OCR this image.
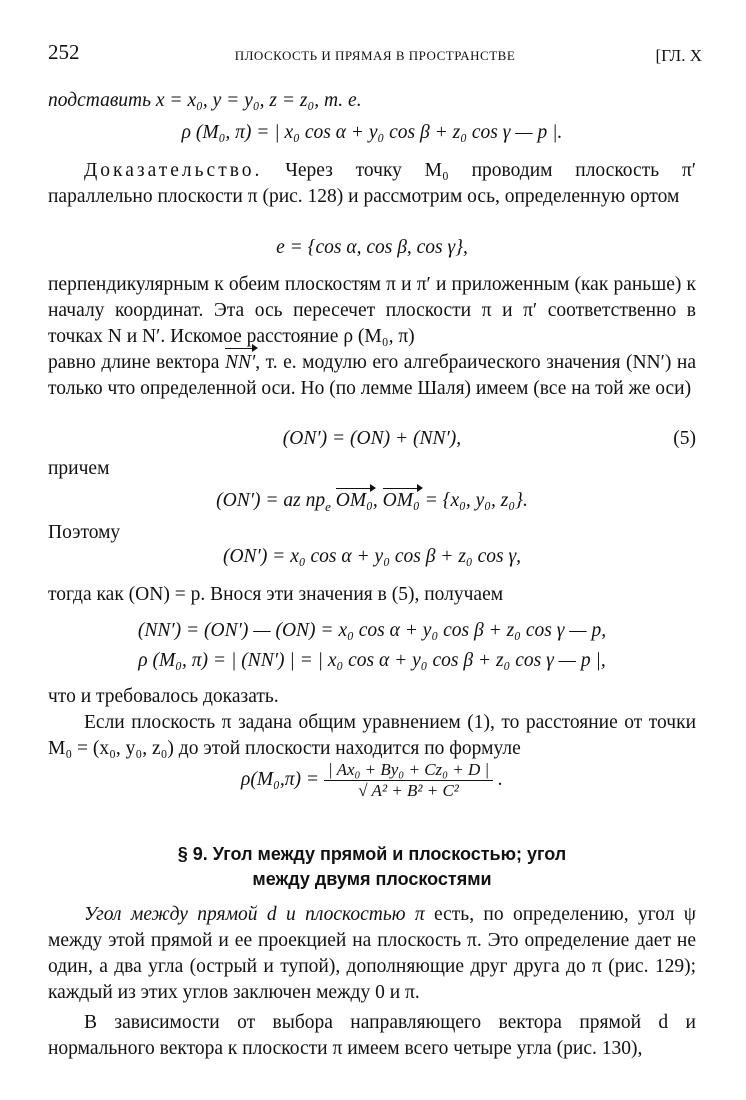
252	ПЛОСКОСТЬ И ПРЯМАЯ В ПРОСТРАНСТВЕ	[ГЛ. X
подставить x = x₀, y = y₀, z = z₀, т. е.
ρ (M₀, π) = | x₀ cos α + y₀ cos β + z₀ cos γ — p |.
Доказательство. Через точку M₀ проводим плоскость π′ параллельно плоскости π (рис. 128) и рассмотрим ось, определенную ортом
e = {cos α, cos β, cos γ},
перпендикулярным к обеим плоскостям π и π′ и приложенным (как раньше) к началу координат. Эта ось пересечет плоскости π и π′ соответственно в точках N и N′. Искомое расстояние ρ (M₀, π)
равно длине вектора NN′, т. е. модулю его алгебраического значения (NN′) на только что определенной оси. Но (по лемме Шаля) имеем (все на той же оси)
(ON′) = (ON) + (NN′),	(5)
причем
(ON′) = az $пр_e$ OM₀, OM₀ = {x₀, y₀, z₀}.
Поэтому
(ON′) = x₀ cos α + y₀ cos β + z₀ cos γ,
тогда как (ON) = p. Внося эти значения в (5), получаем
(NN′) = (ON′) — (ON) = x₀ cos α + y₀ cos β + z₀ cos γ — p,
ρ (M₀, π) = | (NN′) | = | x₀ cos α + y₀ cos β + z₀ cos γ — p |,
что и требовалось доказать.
Если плоскость π задана общим уравнением (1), то расстояние от точки M₀ = (x₀, y₀, z₀) до этой плоскости находится по формуле
$\rho(M_0,\pi) = \frac{\text{| Ax₀ + By₀ + Cz₀ + D |}}{\text{√ A² + B² + C²}}$ .
§ 9. Угол между прямой и плоскостью; угол
между двумя плоскостями
Угол между прямой d и плоскостью π есть, по определению, угол ψ между этой прямой и ее проекцией на плоскость π. Это определение дает не один, а два угла (острый и тупой), дополняющие друг друга до π (рис. 129); каждый из этих углов заключен между 0 и π.
В зависимости от выбора направляющего вектора прямой d и нормального вектора к плоскости π имеем всего четыре угла (рис. 130),
